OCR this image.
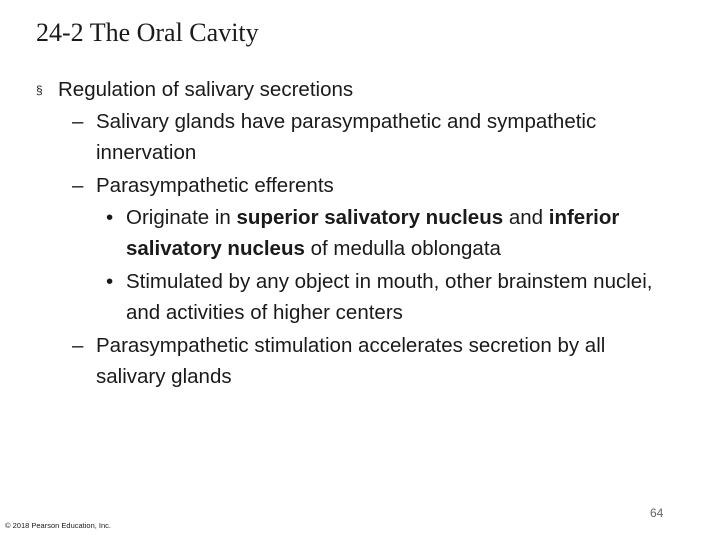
24-2 The Oral Cavity
§ Regulation of salivary secretions
– Salivary glands have parasympathetic and sympathetic innervation
– Parasympathetic efferents
• Originate in superior salivatory nucleus and inferior salivatory nucleus of medulla oblongata
• Stimulated by any object in mouth, other brainstem nuclei, and activities of higher centers
– Parasympathetic stimulation accelerates secretion by all salivary glands
64
© 2018 Pearson Education, Inc.
